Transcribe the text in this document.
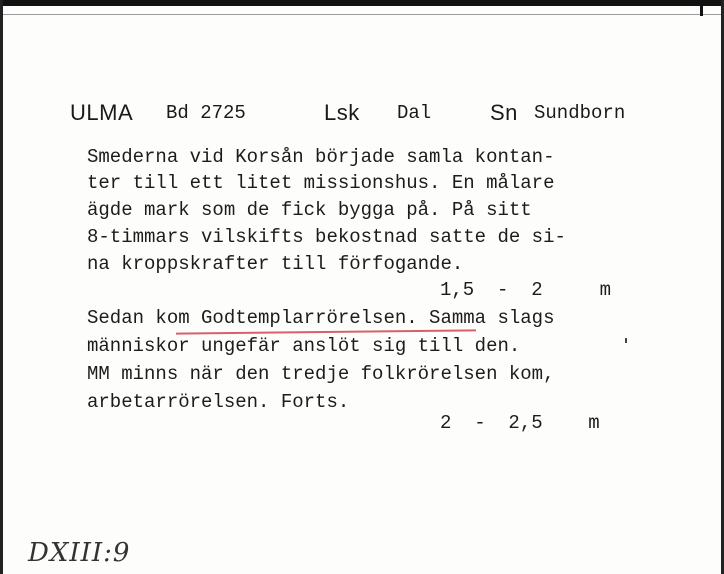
ULMA Bd 2725	Lsk Dal	Sn Sundborn
Smederna vid Korsån började samla kontan-
ter till ett litet missionshus. En målare
ägde mark som de fick bygga på. På sitt
8-timmars vilskifts bekostnad satte de si-
na kroppskrafter till förfogande.
1,5  -  2     m
Sedan kom Godtemplarrörelsen. Samma slags
människor ungefär anslöt sig till den.
MM minns när den tredje folkrörelsen kom,
arbetarrörelsen. Forts.
2  -  2,5    m
DXIII:9
